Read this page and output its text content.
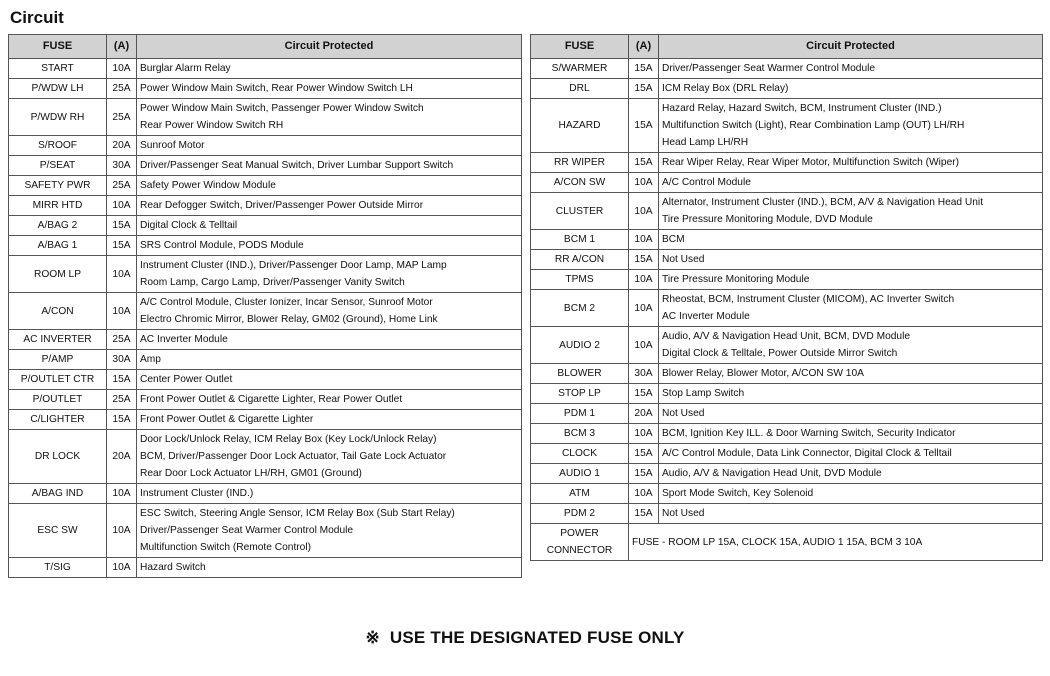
Circuit
FUSE	(A)	Circuit Protected
START	10A	Burglar Alarm Relay

P/WDW LH	25A	Power Window Main Switch, Rear Power Window Switch LH

P/WDW RH	25A	Power Window Main Switch, Passenger Power Window Switch
Rear Power Window Switch RH

S/ROOF	20A	Sunroof Motor

P/SEAT	30A	Driver/Passenger Seat Manual Switch, Driver Lumbar Support Switch

SAFETY PWR	25A	Safety Power Window Module

MIRR HTD	10A	Rear Defogger Switch, Driver/Passenger Power Outside Mirror

A/BAG 2	15A	Digital Clock & Telltail

A/BAG 1	15A	SRS Control Module, PODS Module

ROOM LP	10A	Instrument Cluster (IND.), Driver/Passenger Door Lamp, MAP Lamp
Room Lamp, Cargo Lamp, Driver/Passenger Vanity Switch

A/CON	10A	A/C Control Module, Cluster Ionizer, Incar Sensor, Sunroof Motor
Electro Chromic Mirror, Blower Relay, GM02 (Ground), Home Link

AC INVERTER	25A	AC Inverter Module

P/AMP	30A	Amp

P/OUTLET CTR	15A	Center Power Outlet

P/OUTLET	25A	Front Power Outlet & Cigarette Lighter, Rear Power Outlet

C/LIGHTER	15A	Front Power Outlet & Cigarette Lighter

DR LOCK	20A	Door Lock/Unlock Relay, ICM Relay Box (Key Lock/Unlock Relay)
BCM, Driver/Passenger Door Lock Actuator, Tail Gate Lock Actuator
Rear Door Lock Actuator LH/RH, GM01 (Ground)

A/BAG IND	10A	Instrument Cluster (IND.)

ESC SW	10A	ESC Switch, Steering Angle Sensor, ICM Relay Box (Sub Start Relay)
Driver/Passenger Seat Warmer Control Module
Multifunction Switch (Remote Control)

T/SIG	10A	Hazard Switch
FUSE	(A)	Circuit Protected
S/WARMER	15A	Driver/Passenger Seat Warmer Control Module

DRL	15A	ICM Relay Box (DRL Relay)

HAZARD	15A	Hazard Relay, Hazard Switch, BCM, Instrument Cluster (IND.)
Multifunction Switch (Light), Rear Combination Lamp (OUT) LH/RH
Head Lamp LH/RH

RR WIPER	15A	Rear Wiper Relay, Rear Wiper Motor, Multifunction Switch (Wiper)

A/CON SW	10A	A/C Control Module

CLUSTER	10A	Alternator, Instrument Cluster (IND.), BCM, A/V & Navigation Head Unit
Tire Pressure Monitoring Module, DVD Module

BCM 1	10A	BCM

RR A/CON	15A	Not Used

TPMS	10A	Tire Pressure Monitoring Module

BCM 2	10A	Rheostat, BCM, Instrument Cluster (MICOM), AC Inverter Switch
AC Inverter Module

AUDIO 2	10A	Audio, A/V & Navigation Head Unit, BCM, DVD Module
Digital Clock & Telltale, Power Outside Mirror Switch

BLOWER	30A	Blower Relay, Blower Motor, A/CON SW 10A

STOP LP	15A	Stop Lamp Switch

PDM 1	20A	Not Used

BCM 3	10A	BCM, Ignition Key ILL. & Door Warning Switch, Security Indicator

CLOCK	15A	A/C Control Module, Data Link Connector, Digital Clock & Telltail

AUDIO 1	15A	Audio, A/V & Navigation Head Unit, DVD Module

ATM	10A	Sport Mode Switch, Key Solenoid

PDM 2	15A	Not Used

POWER
CONNECTOR	FUSE - ROOM LP 15A, CLOCK 15A, AUDIO 1 15A, BCM 3 10A	
※ USE THE DESIGNATED FUSE ONLY
